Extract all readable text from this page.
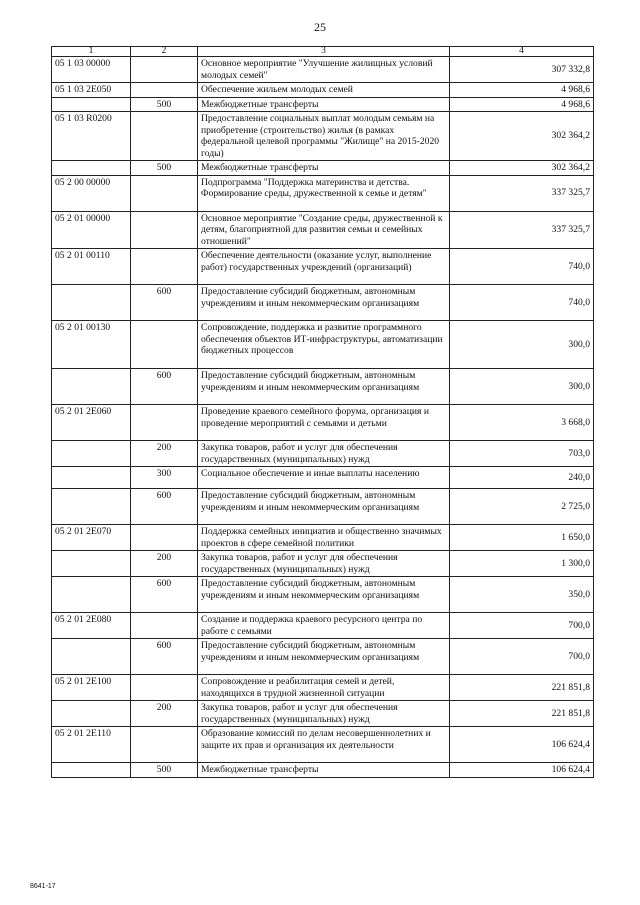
25
1	2	3	4
05 1 03 00000		Основное мероприятие "Улучшение жилищных условий молодых семей"	307 332,8
05 1 03 2Е050		Обеспечение жильем молодых семей	4 968,6
	500	Межбюджетные трансферты	4 968,6
05 1 03 R0200		Предоставление социальных выплат молодым семьям на приобретение (строительство) жилья (в рамках федеральной целевой программы "Жилище" на 2015-2020 годы)	302 364,2
	500	Межбюджетные трансферты	302 364,2
05 2 00 00000		Подпрограмма "Поддержка материнства и детства. Формирование среды, дружественной к семье и детям"	337 325,7
05 2 01 00000		Основное мероприятие "Создание среды, дружественной к детям, благоприятной для развития семьи и семейных отношений"	337 325,7
05 2 01 00110		Обеспечение деятельности (оказание услуг, выполнение работ) государственных учреждений (организаций)	740,0
	600	Предоставление субсидий бюджетным, автономным учреждениям и иным некоммерческим организациям	740,0
05 2 01 00130		Сопровождение, поддержка и развитие программного обеспечения объектов ИТ-инфраструктуры, автоматизации бюджетных процессов	300,0
	600	Предоставление субсидий бюджетным, автономным учреждениям и иным некоммерческим организациям	300,0
05 2 01 2Е060		Проведение краевого семейного форума, организация и проведение мероприятий с семьями и детьми	3 668,0
	200	Закупка товаров, работ и услуг для обеспечения государственных (муниципальных) нужд	703,0
	300	Социальное обеспечение и иные выплаты населению	240,0
	600	Предоставление субсидий бюджетным, автономным учреждениям и иным некоммерческим организациям	2 725,0
05 2 01 2Е070		Поддержка семейных инициатив и общественно значимых проектов в сфере семейной политики	1 650,0
	200	Закупка товаров, работ и услуг для обеспечения государственных (муниципальных) нужд	1 300,0
	600	Предоставление субсидий бюджетным, автономным учреждениям и иным некоммерческим организациям	350,0
05 2 01 2Е080		Создание и поддержка краевого ресурсного центра по работе с семьями	700,0
	600	Предоставление субсидий бюджетным, автономным учреждениям и иным некоммерческим организациям	700,0
05 2 01 2Е100		Сопровождение и реабилитация семей и детей, находящихся в трудной жизненной ситуации	221 851,8
	200	Закупка товаров, работ и услуг для обеспечения государственных (муниципальных) нужд	221 851,8
05 2 01 2Е110		Образование комиссий по делам несовершеннолетних и защите их прав и организация их деятельности	106 624,4
	500	Межбюджетные трансферты	106 624,4
8641-17
